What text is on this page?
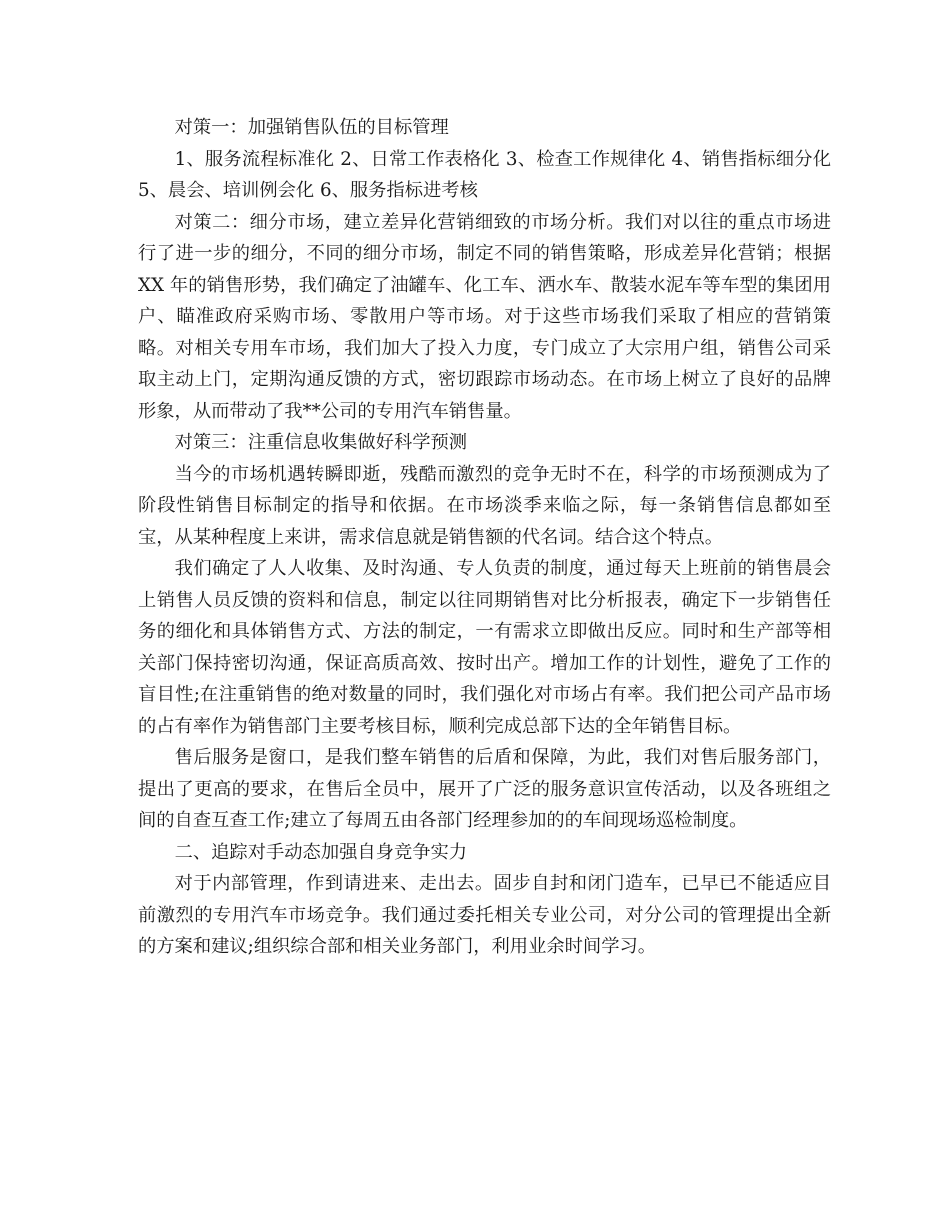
对策一：加强销售队伍的目标管理

1、服务流程标准化 2、日常工作表格化 3、检查工作规律化 4、销售指标细分化 5、晨会、培训例会化 6、服务指标进考核

对策二：细分市场，建立差异化营销细致的市场分析。我们对以往的重点市场进行了进一步的细分，不同的细分市场，制定不同的销售策略，形成差异化营销；根据 XX 年的销售形势，我们确定了油罐车、化工车、洒水车、散装水泥车等车型的集团用户、瞄准政府采购市场、零散用户等市场。对于这些市场我们采取了相应的营销策略。对相关专用车市场，我们加大了投入力度，专门成立了大宗用户组，销售公司采取主动上门，定期沟通反馈的方式，密切跟踪市场动态。在市场上树立了良好的品牌形象，从而带动了我**公司的专用汽车销售量。

对策三：注重信息收集做好科学预测

当今的市场机遇转瞬即逝，残酷而激烈的竞争无时不在，科学的市场预测成为了阶段性销售目标制定的指导和依据。在市场淡季来临之际，每一条销售信息都如至宝，从某种程度上来讲，需求信息就是销售额的代名词。结合这个特点。

我们确定了人人收集、及时沟通、专人负责的制度，通过每天上班前的销售晨会上销售人员反馈的资料和信息，制定以往同期销售对比分析报表，确定下一步销售任务的细化和具体销售方式、方法的制定，一有需求立即做出反应。同时和生产部等相关部门保持密切沟通，保证高质高效、按时出产。增加工作的计划性，避免了工作的盲目性;在注重销售的绝对数量的同时，我们强化对市场占有率。我们把公司产品市场的占有率作为销售部门主要考核目标，顺利完成总部下达的全年销售目标。

售后服务是窗口，是我们整车销售的后盾和保障，为此，我们对售后服务部门，提出了更高的要求，在售后全员中，展开了广泛的服务意识宣传活动，以及各班组之间的自查互查工作;建立了每周五由各部门经理参加的的车间现场巡检制度。

二、追踪对手动态加强自身竞争实力

对于内部管理，作到请进来、走出去。固步自封和闭门造车，已早已不能适应目前激烈的专用汽车市场竞争。我们通过委托相关专业公司，对分公司的管理提出全新的方案和建议;组织综合部和相关业务部门，利用业余时间学习。
